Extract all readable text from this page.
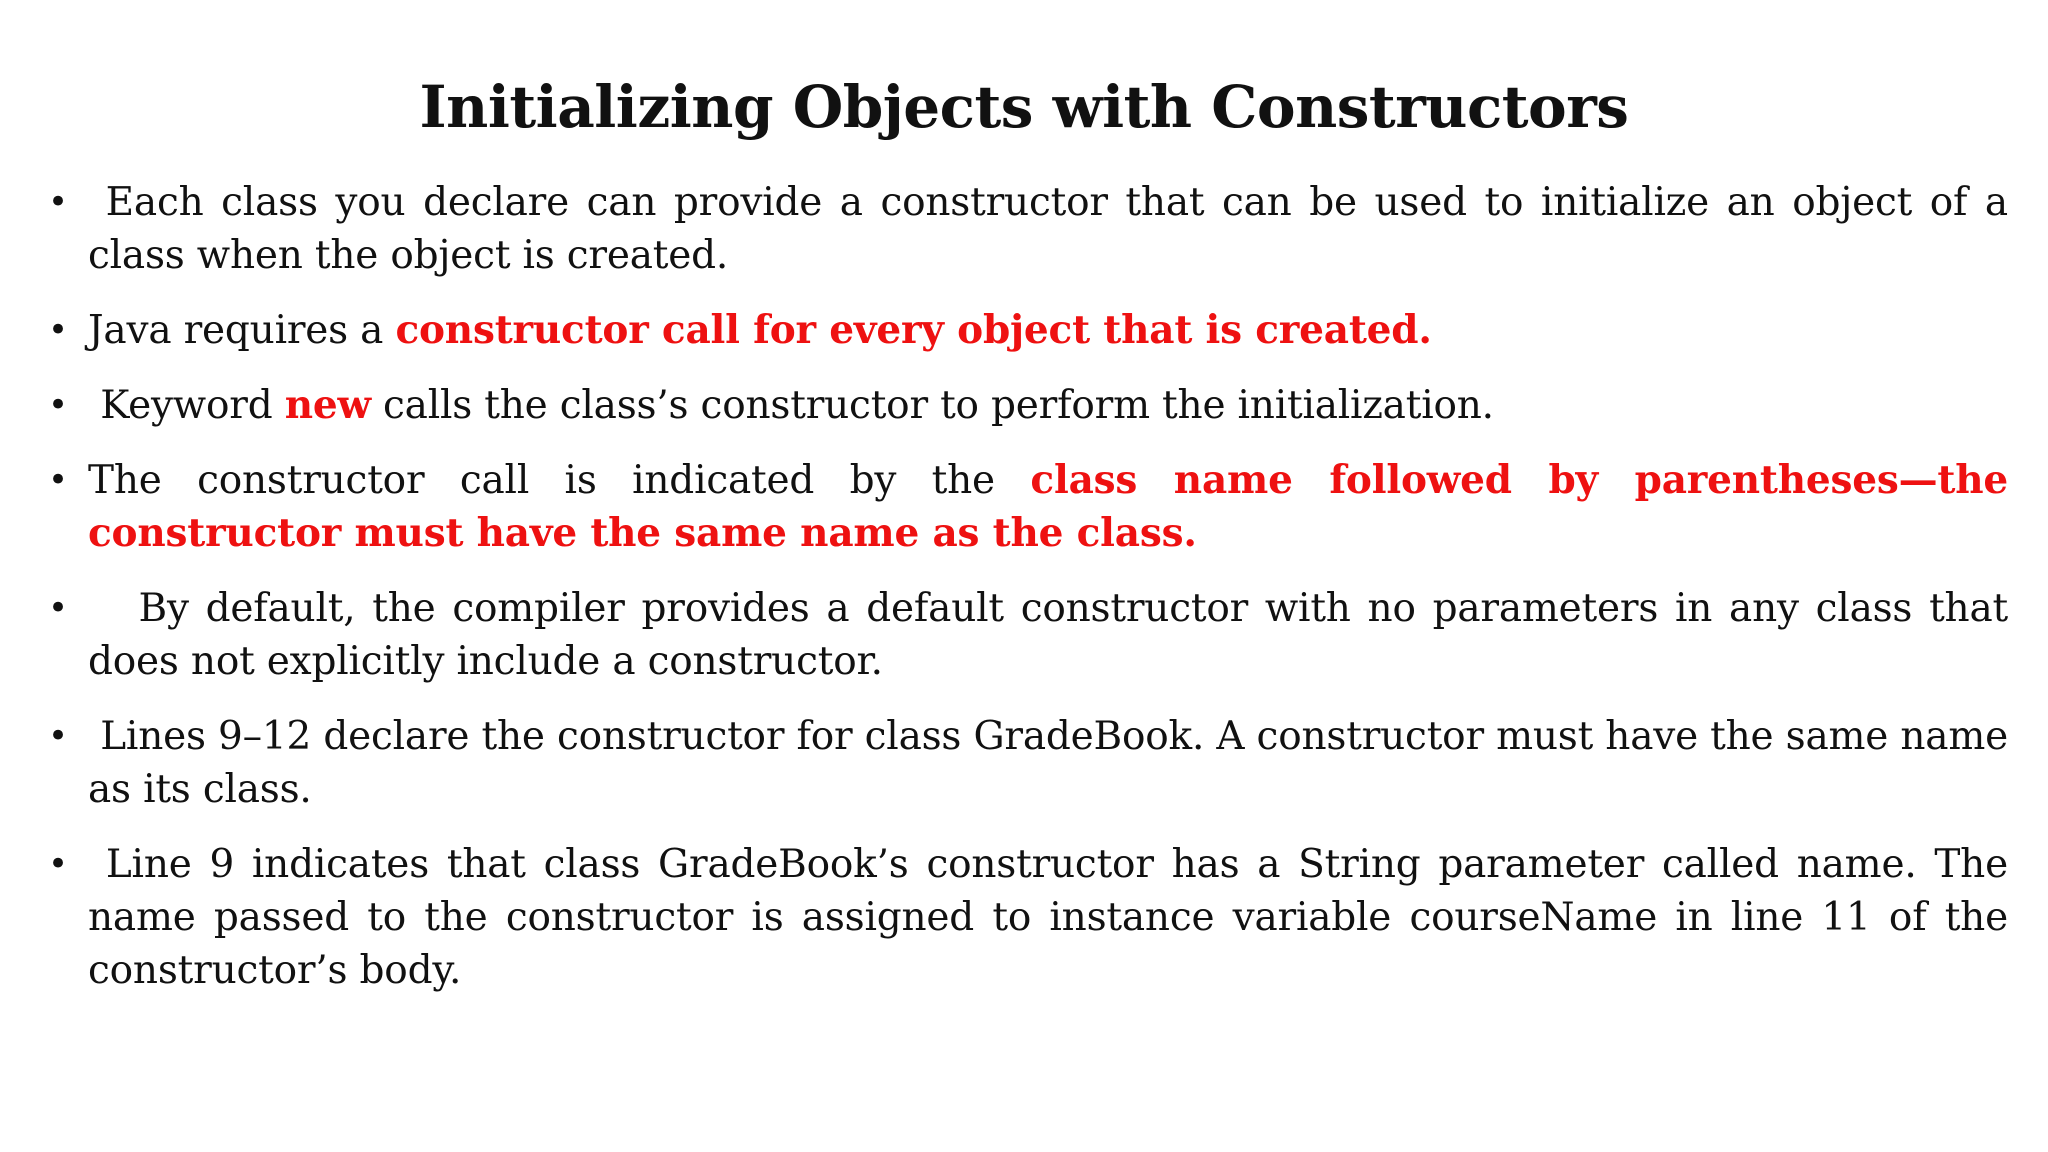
Initializing Objects with Constructors
• Each class you declare can provide a constructor that can be used to initialize an object of a class when the object is created.
• Java requires a constructor call for every object that is created.
• Keyword new calls the class’s constructor to perform the initialization.
• The constructor call is indicated by the class name followed by parentheses—the constructor must have the same name as the class.
• By default, the compiler provides a default constructor with no parameters in any class that does not explicitly include a constructor.
• Lines 9–12 declare the constructor for class GradeBook. A constructor must have the same name as its class.
• Line 9 indicates that class GradeBook’s constructor has a String parameter called name. The name passed to the constructor is assigned to instance variable courseName in line 11 of the constructor’s body.
